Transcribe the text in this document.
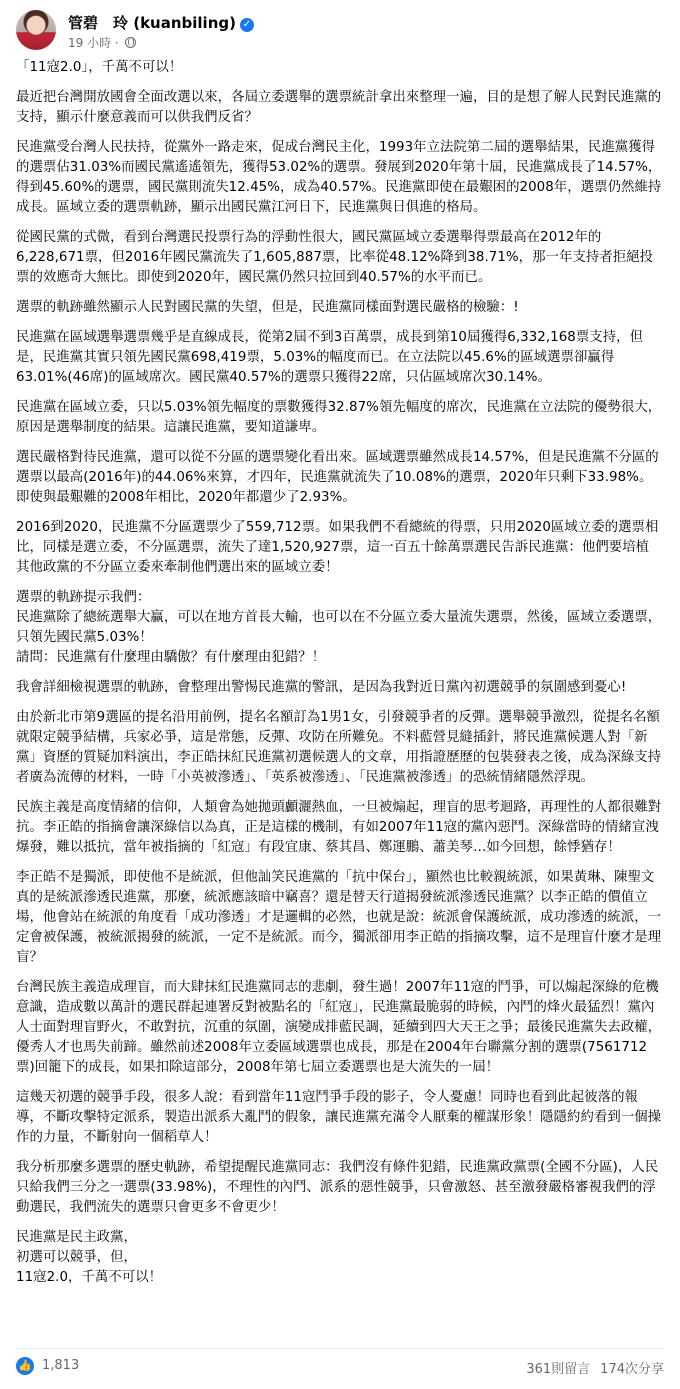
管碧　玲 (kuanbiling) ✓
19 小時 ·

「11寇2.0」，千萬不可以！

最近把台灣開放國會全面改選以來，各屆立委選舉的選票統計拿出來整理一遍，目的是想了解人民對民進黨的支持，顯示什麼意義而可以供我們反省？

民進黨受台灣人民扶持，從黨外一路走來，促成台灣民主化，1993年立法院第二屆的選舉結果，民進黨獲得的選票佔31.03%而國民黨遙遙領先，獲得53.02%的選票。發展到2020年第十屆，民進黨成長了14.57%，得到45.60%的選票，國民黨則流失12.45%，成為40.57%。民進黨即使在最艱困的2008年，選票仍然維持成長。區域立委的選票軌跡，顯示出國民黨江河日下，民進黨與日俱進的格局。

從國民黨的式微，看到台灣選民投票行為的浮動性很大，國民黨區域立委選舉得票最高在2012年的6,228,671票，但2016年國民黨流失了1,605,887票，比率從48.12%降到38.71%，那一年支持者拒絕投票的效應奇大無比。即使到2020年，國民黨仍然只拉回到40.57%的水平而已。

選票的軌跡雖然顯示人民對國民黨的失望，但是，民進黨同樣面對選民嚴格的檢驗：!

民進黨在區域選舉選票幾乎是直線成長，從第2屆不到3百萬票，成長到第10屆獲得6,332,168票支持，但是，民進黨其實只領先國民黨698,419票，5.03%的幅度而已。在立法院以45.6%的區域選票卻贏得63.01%(46席)的區域席次。國民黨40.57%的選票只獲得22席，只佔區域席次30.14%。

民進黨在區域立委，只以5.03%領先幅度的票數獲得32.87%領先幅度的席次，民進黨在立法院的優勢很大，原因是選舉制度的結果。這讓民進黨，要知道謙卑。

選民嚴格對待民進黨，還可以從不分區的選票變化看出來。區域選票雖然成長14.57%，但是民進黨不分區的選票以最高(2016年)的44.06%來算，才四年，民進黨就流失了10.08%的選票，2020年只剩下33.98%。即使與最艱難的2008年相比，2020年都還少了2.93%。

2016到2020，民進黨不分區選票少了559,712票。如果我們不看總統的得票，只用2020區域立委的選票相比，同樣是選立委，不分區選票，流失了達1,520,927票，這一百五十餘萬票選民告訴民進黨：他們要培植其他政黨的不分區立委來牽制他們選出來的區域立委！

選票的軌跡提示我們：
民進黨除了總統選舉大贏，可以在地方首長大輸，也可以在不分區立委大量流失選票，然後，區域立委選票，只領先國民黨5.03%！
請問：民進黨有什麼理由驕傲？有什麼理由犯錯？！

我會詳細檢視選票的軌跡，會整理出警惕民進黨的警訊，是因為我對近日黨內初選競爭的氛圍感到憂心!

由於新北市第9選區的提名沿用前例，提名名額訂為1男1女，引發競爭者的反彈。選舉競爭激烈，從提名名額就限定競爭結構，兵家必爭，這是常態，反彈、攻防在所難免。不料藍營見縫插針，將民進黨候選人對「新黨」資歷的質疑加料演出，李正皓抹紅民進黨初選候選人的文章，用指證歷歷的包裝發表之後，成為深綠支持者廣為流傳的材料，一時「小英被滲透」、「英系被滲透」、「民進黨被滲透」的恐統情緒隱然浮現。

民族主義是高度情緒的信仰，人類會為她拋頭顱灑熱血，一旦被煽起，理盲的思考迴路，再理性的人都很難對抗。李正皓的指摘會讓深綠信以為真，正是這樣的機制，有如2007年11寇的黨內惡鬥。深綠當時的情緒宣洩爆發，難以抵抗，當年被指摘的「紅寇」有段宜康、蔡其昌、鄭運鵬、蕭美琴…如今回想，餘悸猶存！

李正皓不是獨派，即使他不是統派，但他訕笑民進黨的「抗中保台」，顯然也比較親統派，如果黃琳、陳聖文真的是統派滲透民進黨，那麼，統派應該暗中竊喜？還是替天行道揭發統派滲透民進黨？以李正皓的價值立場，他會站在統派的角度看「成功滲透」才是邏輯的必然，也就是說：統派會保護統派，成功滲透的統派，一定會被保護，被統派揭發的統派，一定不是統派。而今，獨派卻用李正皓的指摘攻擊，這不是理盲什麼才是理盲？

台灣民族主義造成理盲，而大肆抹紅民進黨同志的悲劇，發生過！2007年11寇的鬥爭，可以煽起深綠的危機意識，造成數以萬計的選民群起連署反對被點名的「紅寇」，民進黨最脆弱的時候，內鬥的烽火最猛烈！黨內人士面對理盲野火，不敢對抗，沉重的氛圍，演變成排藍民調，延續到四大天王之爭；最後民進黨失去政權，優秀人才也馬失前蹄。雖然前述2008年立委區域選票也成長，那是在2004年台聯黨分割的選票(7561712票)回籠下的成長，如果扣除這部分，2008年第七屆立委選票也是大流失的一屆！

這幾天初選的競爭手段，很多人說：看到當年11寇鬥爭手段的影子，令人憂慮！同時也看到此起彼落的報導，不斷攻擊特定派系，製造出派系大亂鬥的假象，讓民進黨充滿令人厭棄的權謀形象！隱隱約約看到一個操作的力量，不斷射向一個稻草人！

我分析那麼多選票的歷史軌跡，希望提醒民進黨同志：我們沒有條件犯錯，民進黨政黨票(全國不分區)，人民只給我們三分之一選票(33.98%)，不理性的內鬥、派系的惡性競爭，只會激怒、甚至激發嚴格審視我們的浮動選民，我們流失的選票只會更多不會更少！

民進黨是民主政黨，
初選可以競爭，但，
11寇2.0，千萬不可以！

👍 1,813	361則留言 174次分享
